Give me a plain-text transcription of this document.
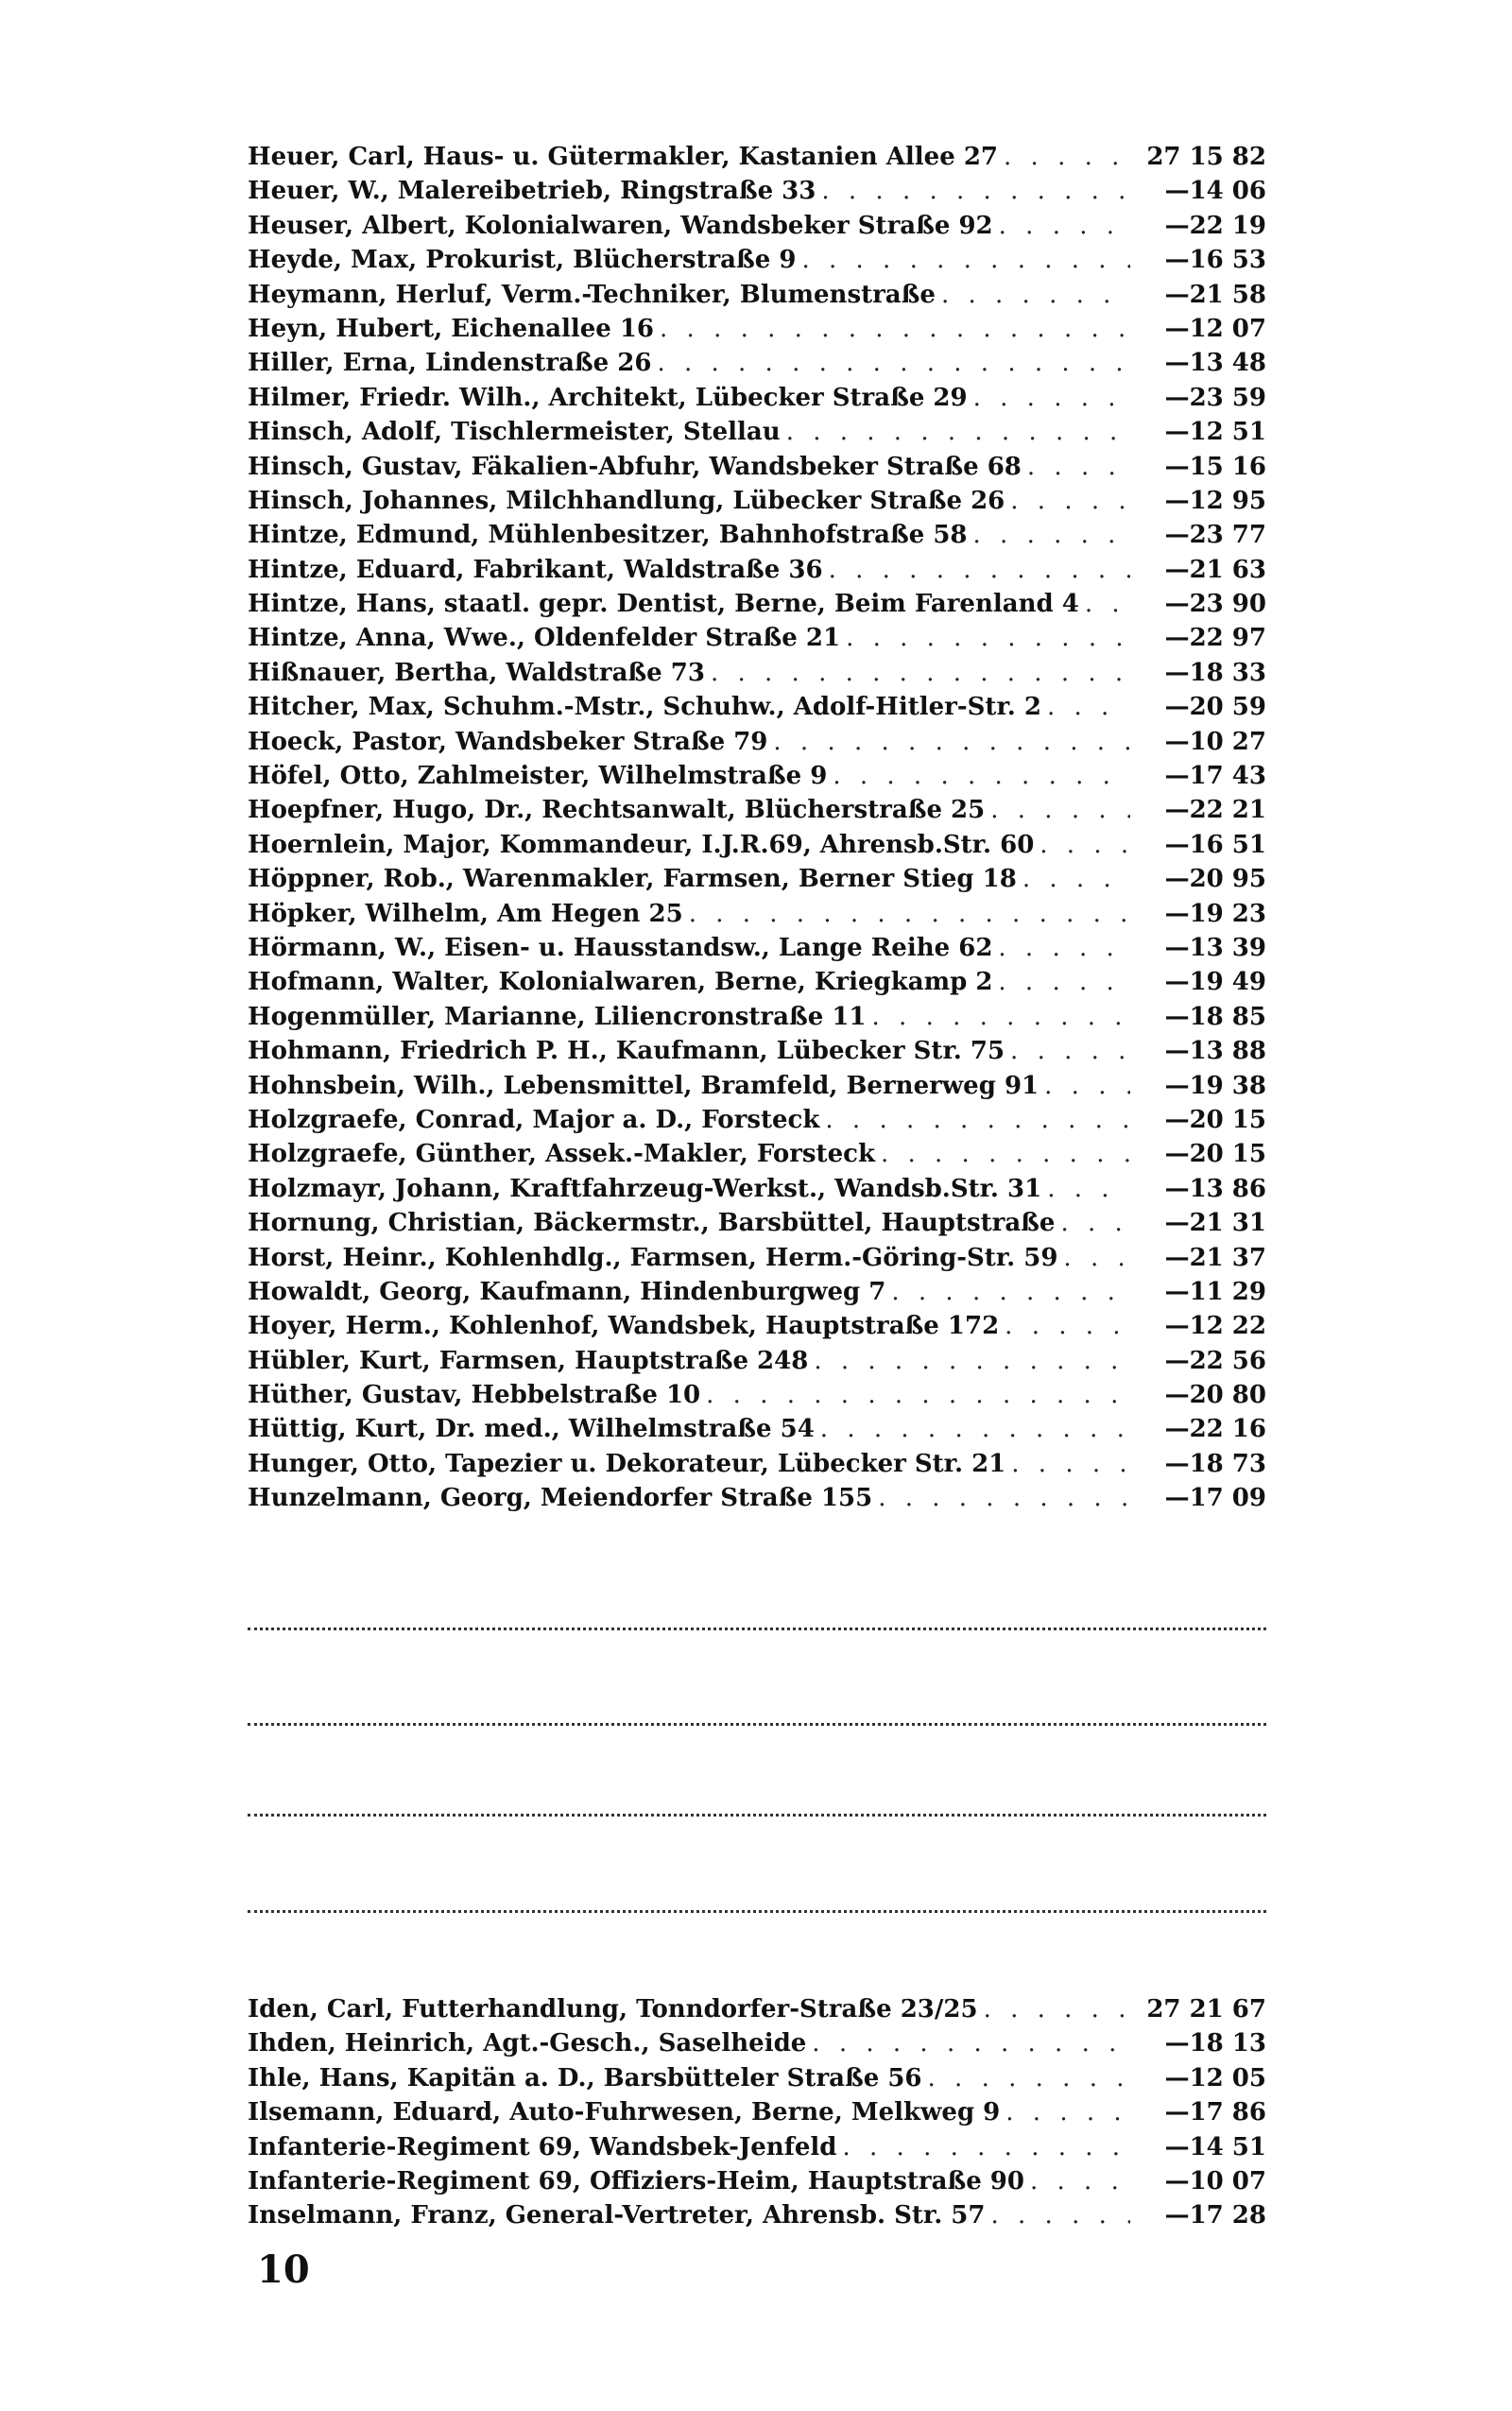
Heuer, Carl, Haus- u. Gütermakler, Kastanien Allee 27 . . .	27 15 82
Heuer, W., Malereibetrieb, Ringstraße 33 . . .	—14 06
Heuser, Albert, Kolonialwaren, Wandsbeker Straße 92 . . .	—22 19
Heyde, Max, Prokurist, Blücherstraße 9 . . .	—16 53
Heymann, Herluf, Verm.-Techniker, Blumenstraße . . .	—21 58
Heyn, Hubert, Eichenallee 16 . . .	—12 07
Hiller, Erna, Lindenstraße 26 . . .	—13 48
Hilmer, Friedr. Wilh., Architekt, Lübecker Straße 29 . . .	—23 59
Hinsch, Adolf, Tischlermeister, Stellau . . .	—12 51
Hinsch, Gustav, Fäkalien-Abfuhr, Wandsbeker Straße 68 . . .	—15 16
Hinsch, Johannes, Milchhandlung, Lübecker Straße 26 . . .	—12 95
Hintze, Edmund, Mühlenbesitzer, Bahnhofstraße 58 . . .	—23 77
Hintze, Eduard, Fabrikant, Waldstraße 36 . . .	—21 63
Hintze, Hans, staatl. gepr. Dentist, Berne, Beim Farenland 4 . . .	—23 90
Hintze, Anna, Wwe., Oldenfelder Straße 21 . . .	—22 97
Hißnauer, Bertha, Waldstraße 73 . . .	—18 33
Hitcher, Max, Schuhm.-Mstr., Schuhw., Adolf-Hitler-Str. 2 . . .	—20 59
Hoeck, Pastor, Wandsbeker Straße 79 . . .	—10 27
Höfel, Otto, Zahlmeister, Wilhelmstraße 9 . . .	—17 43
Hoepfner, Hugo, Dr., Rechtsanwalt, Blücherstraße 25 . . .	—22 21
Hoernlein, Major, Kommandeur, I.J.R.69, Ahrensb.Str. 60 . . .	—16 51
Höppner, Rob., Warenmakler, Farmsen, Berner Stieg 18 . . .	—20 95
Höpker, Wilhelm, Am Hegen 25 . . .	—19 23
Hörmann, W., Eisen- u. Hausstandsw., Lange Reihe 62 . . .	—13 39
Hofmann, Walter, Kolonialwaren, Berne, Kriegkamp 2 . . .	—19 49
Hogenmüller, Marianne, Liliencronstraße 11 . . .	—18 85
Hohmann, Friedrich P. H., Kaufmann, Lübecker Str. 75 . . .	—13 88
Hohnsbein, Wilh., Lebensmittel, Bramfeld, Bernerweg 91 . . .	—19 38
Holzgraefe, Conrad, Major a. D., Forsteck . . .	—20 15
Holzgraefe, Günther, Assek.-Makler, Forsteck . . .	—20 15
Holzmayr, Johann, Kraftfahrzeug-Werkst., Wandsb.Str. 31 . . .	—13 86
Hornung, Christian, Bäckermstr., Barsbüttel, Hauptstraße . . .	—21 31
Horst, Heinr., Kohlenhdlg., Farmsen, Herm.-Göring-Str. 59 . . .	—21 37
Howaldt, Georg, Kaufmann, Hindenburgweg 7 . . .	—11 29
Hoyer, Herm., Kohlenhof, Wandsbek, Hauptstraße 172 . . .	—12 22
Hübler, Kurt, Farmsen, Hauptstraße 248 . . .	—22 56
Hüther, Gustav, Hebbelstraße 10 . . .	—20 80
Hüttig, Kurt, Dr. med., Wilhelmstraße 54 . . .	—22 16
Hunger, Otto, Tapezier u. Dekorateur, Lübecker Str. 21 . . .	—18 73
Hunzelmann, Georg, Meiendorfer Straße 155 . . .	—17 09
Iden, Carl, Futterhandlung, Tonndorfer-Straße 23/25 . . .	27 21 67
Ihden, Heinrich, Agt.-Gesch., Saselheide . . .	—18 13
Ihle, Hans, Kapitän a. D., Barsbütteler Straße 56 . . .	—12 05
Ilsemann, Eduard, Auto-Fuhrwesen, Berne, Melkweg 9 . . .	—17 86
Infanterie-Regiment 69, Wandsbek-Jenfeld . . .	—14 51
Infanterie-Regiment 69, Offiziers-Heim, Hauptstraße 90 . . .	—10 07
Inselmann, Franz, General-Vertreter, Ahrensb. Str. 57 . . .	—17 28
10
